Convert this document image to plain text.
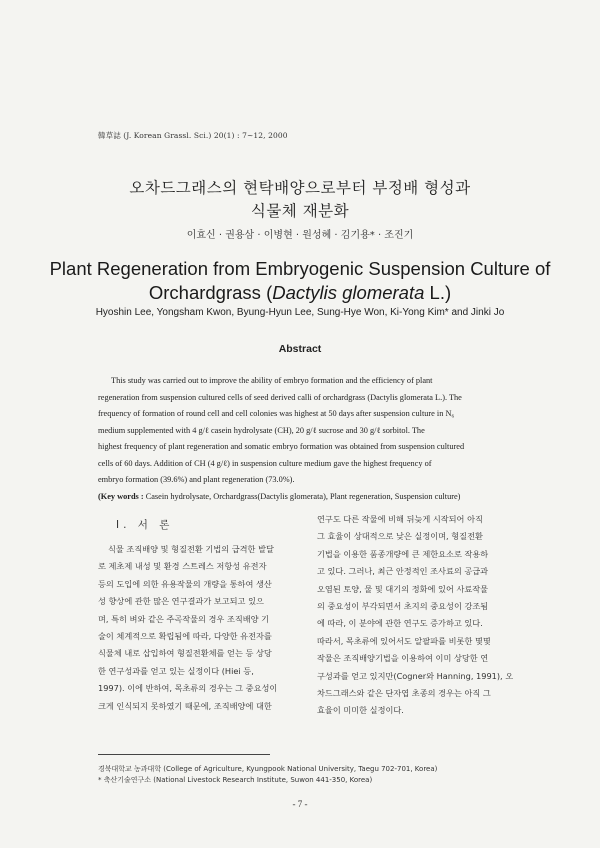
韓草誌 (J. Korean Grassl. Sci.) 20(1) : 7~12, 2000
오차드그래스의 현탁배양으로부터 부정배 형성과
식물체 재분화
이효신 · 권용삼 · 이병현 · 원성혜 · 김기용* · 조진기
Plant Regeneration from Embryogenic Suspension Culture of
Orchardgrass (Dactylis glomerata L.)
Hyoshin Lee, Yongsham Kwon, Byung-Hyun Lee, Sung-Hye Won, Ki-Yong Kim* and Jinki Jo
Abstract
This study was carried out to improve the ability of embryo formation and the efficiency of plant
regeneration from suspension cultured cells of seed derived calli of orchardgrass (Dactylis glomerata L.). The
frequency of formation of round cell and cell colonies was highest at 50 days after suspension culture in N₆
medium supplemented with 4 g/ℓ casein hydrolysate (CH), 20 g/ℓ sucrose and 30 g/ℓ sorbitol. The
highest frequency of plant regeneration and somatic embryo formation was obtained from suspension cultured
cells of 60 days. Addition of CH (4 g/ℓ) in suspension culture medium gave the highest frequency of
embryo formation (39.6%) and plant regeneration (73.0%).
(Key words : Casein hydrolysate, Orchardgrass(Dactylis glomerata), Plant regeneration, Suspension culture)
Ⅰ. 서 론
식물 조직배양 및 형질전환 기법의 급격한 발달
로 제초제 내성 및 환경 스트레스 저항성 유전자
등의 도입에 의한 유용작물의 개량을 통하여 생산
성 향상에 관한 많은 연구결과가 보고되고 있으
며, 특히 벼와 같은 주곡작물의 경우 조직배양 기
술이 체계적으로 확립됨에 따라, 다양한 유전자를
식물체 내로 삽입하여 형질전환체를 얻는 등 상당
한 연구성과를 얻고 있는 실정이다 (Hiei 등,
1997). 이에 반하여, 목초류의 경우는 그 중요성이
크게 인식되지 못하였기 때문에, 조직배양에 대한
연구도 다른 작물에 비해 뒤늦게 시작되어 아직
그 효율이 상대적으로 낮은 실정이며, 형질전환
기법을 이용한 품종개량에 큰 제한요소로 작용하
고 있다. 그러나, 최근 안정적인 조사료의 공급과
오염된 토양, 물 및 대기의 정화에 있어 사료작물
의 중요성이 부각되면서 초지의 중요성이 강조됨
에 따라, 이 분야에 관한 연구도 증가하고 있다.
따라서, 목초류에 있어서도 알팔파를 비롯한 몇몇
작물은 조직배양기법을 이용하여 이미 상당한 연
구성과를 얻고 있지만(Cogner와 Hanning, 1991), 오
차드그래스와 같은 단자엽 초종의 경우는 아직 그
효율이 미미한 실정이다.
경북대학교 농과대학 (College of Agriculture, Kyungpook National University, Taegu 702-701, Korea)
* 축산기술연구소 (National Livestock Research Institute, Suwon 441-350, Korea)
- 7 -
